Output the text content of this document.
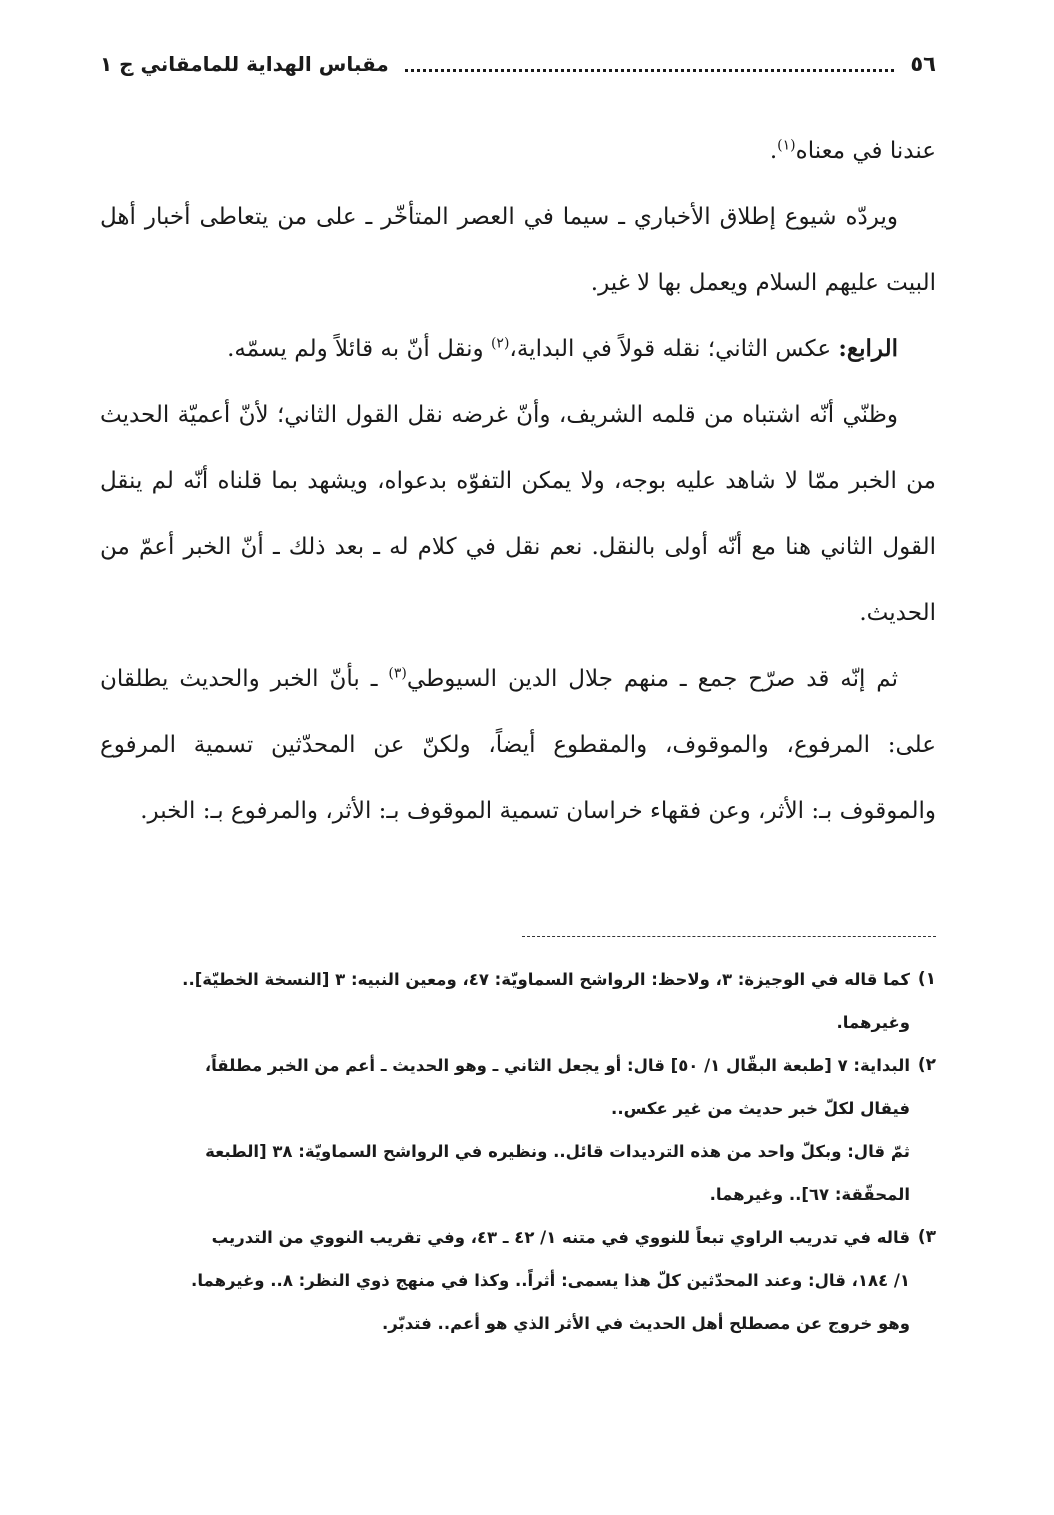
٥٦
مقباس الهداية للمامقاني ج ١

عندنا في معناه$^{(١)}$.

ويردّه شيوع إطلاق الأخباري ـ سيما في العصر المتأخّر ـ على من يتعاطى أخبار أهل البيت عليهم السلام ويعمل بها لا غير.

الرابع: عكس الثاني؛ نقله قولاً في البداية،$^{(٢)}$ ونقل أنّ به قائلاً ولم يسمّه.

وظنّي أنّه اشتباه من قلمه الشريف، وأنّ غرضه نقل القول الثاني؛ لأنّ أعميّة الحديث من الخبر ممّا لا شاهد عليه بوجه، ولا يمكن التفوّه بدعواه، ويشهد بما قلناه أنّه لم ينقل القول الثاني هنا مع أنّه أولى بالنقل. نعم نقل في كلام له ـ بعد ذلك ـ أنّ الخبر أعمّ من الحديث.

ثم إنّه قد صرّح جمع ـ منهم جلال الدين السيوطي$^{(٣)}$ ـ بأنّ الخبر والحديث يطلقان على: المرفوع، والموقوف، والمقطوع أيضاً، ولكنّ عن المحدّثين تسمية المرفوع والموقوف بـ: الأثر، وعن فقهاء خراسان تسمية الموقوف بـ: الأثر، والمرفوع بـ: الخبر.

١)

كما قاله في الوجيزة: ٣، ولاحظ: الرواشح السماويّة: ٤٧، ومعين النبيه: ٣ [النسخة الخطيّة]..

وغيرهما.

٢)

البداية: ٧ [طبعة البقّال ١/ ٥٠] قال: أو يجعل الثاني ـ وهو الحديث ـ أعم من الخبر مطلقاً،

فيقال لكلّ خبر حديث من غير عكس..

ثمّ قال: وبكلّ واحد من هذه الترديدات قائل.. ونظيره في الرواشح السماويّة: ٣٨ [الطبعة

المحقّقة: ٦٧].. وغيرهما.

٣)

قاله في تدريب الراوي تبعاً للنووي في متنه ١/ ٤٢ ـ ٤٣، وفي تقريب النووي من التدريب

١/ ١٨٤، قال: وعند المحدّثين كلّ هذا يسمى: أثراً.. وكذا في منهج ذوي النظر: ٨.. وغيرهما.

وهو خروج عن مصطلح أهل الحديث في الأثر الذي هو أعم.. فتدبّر.
